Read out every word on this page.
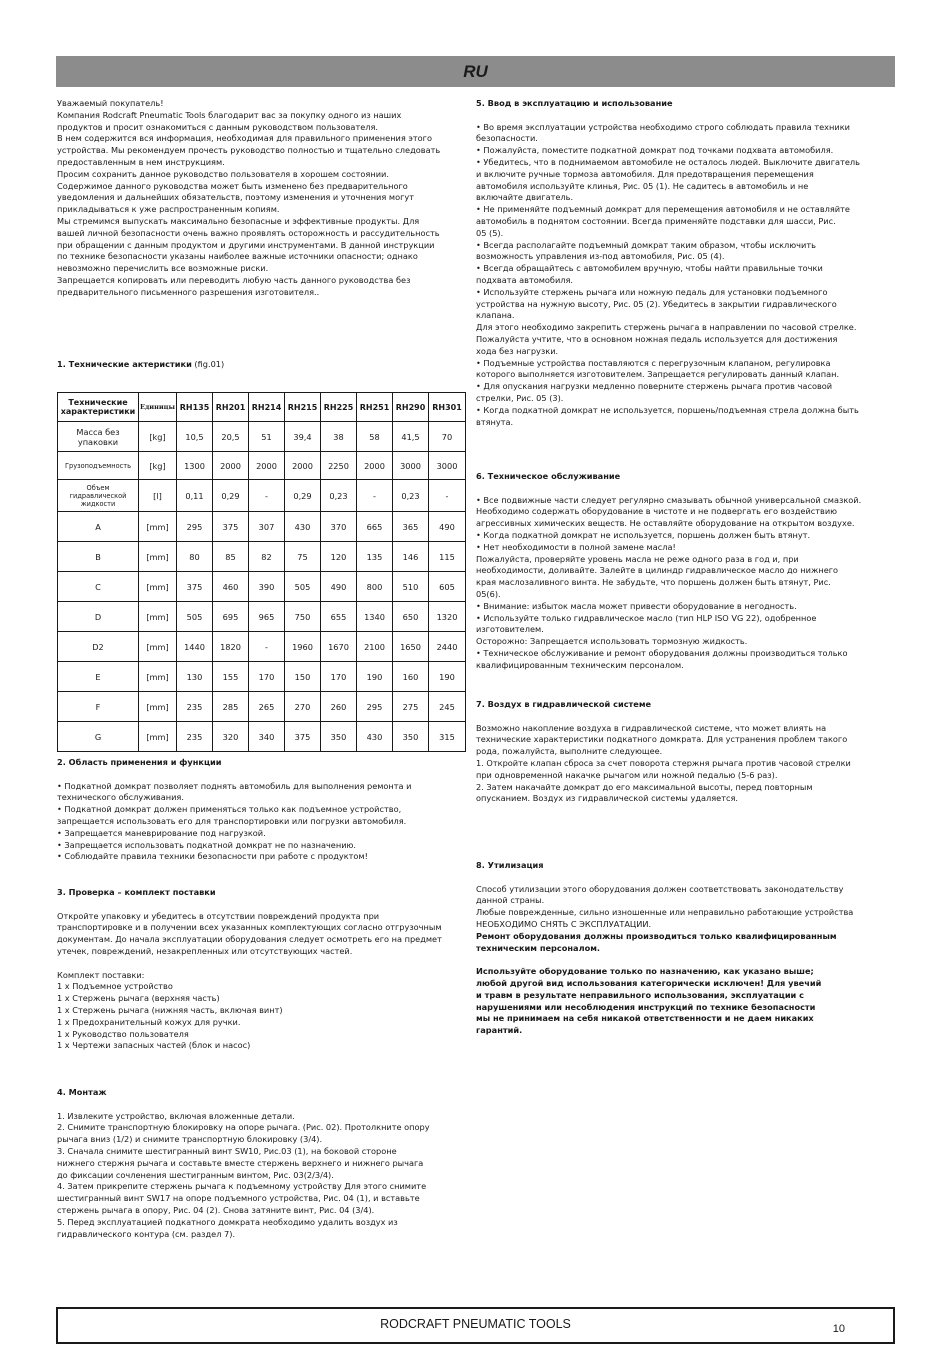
RU

Уважаемый покупатель!
Компания Rodcraft Pneumatic Tools благодарит вас за покупку одного из наших
продуктов и просит ознакомиться с данным руководством пользователя.
В нем содержится вся информация, необходимая для правильного применения этого
устройства. Мы рекомендуем прочесть руководство полностью и тщательно следовать
предоставленным в нем инструкциям.
Просим сохранить данное руководство пользователя в хорошем состоянии.
Содержимое данного руководства может быть изменено без предварительного
уведомления и дальнейших обязательств, поэтому изменения и уточнения могут
прикладываться к уже распространенным копиям.
Мы стремимся выпускать максимально безопасные и эффективные продукты. Для
вашей личной безопасности очень важно проявлять осторожность и рассудительность
при обращении с данным продуктом и другими инструментами. В данной инструкции
по технике безопасности указаны наиболее важные источники опасности; однако
невозможно перечислить все возможные риски.
Запрещается копировать или переводить любую часть данного руководства без
предварительного письменного разрешения изготовителя..

1. Технические актеристики (fig.01)

Технические характеристики	Единицы	RH135	RH201	RH214	RH215	RH225	RH251	RH290	RH301
Масса без упаковки	[kg]	10,5	20,5	51	39,4	38	58	41,5	70
Грузоподъемность	[kg]	1300	2000	2000	2000	2250	2000	3000	3000
Объем гидравлической жидкости	[l]	0,11	0,29	-	0,29	0,23	-	0,23	-
A	[mm]	295	375	307	430	370	665	365	490
B	[mm]	80	85	82	75	120	135	146	115
C	[mm]	375	460	390	505	490	800	510	605
D	[mm]	505	695	965	750	655	1340	650	1320
D2	[mm]	1440	1820	-	1960	1670	2100	1650	2440
E	[mm]	130	155	170	150	170	190	160	190
F	[mm]	235	285	265	270	260	295	275	245
G	[mm]	235	320	340	375	350	430	350	315

2. Область применения и функции

• Подкатной домкрат позволяет поднять автомобиль для выполнения ремонта и
технического обслуживания.
• Подкатной домкрат должен применяться только как подъемное устройство,
запрещается использовать его для транспортировки или погрузки автомобиля.
• Запрещается маневрирование под нагрузкой.
• Запрещается использовать подкатной домкрат не по назначению.
• Соблюдайте правила техники безопасности при работе с продуктом!

3. Проверка – комплект поставки

Откройте упаковку и убедитесь в отсутствии повреждений продукта при
транспортировке и в получении всех указанных комплектующих согласно отгрузочным
документам. До начала эксплуатации оборудования следует осмотреть его на предмет
утечек, повреждений, незакрепленных или отсутствующих частей.

Комплект поставки:
1 x Подъемное устройство
1 x Стержень рычага (верхняя часть)
1 x Стержень рычага (нижняя часть, включая винт)
1 x Предохранительный кожух для ручки.
1 x Руководство пользователя
1 x Чертежи запасных частей (блок и насос)

4. Монтаж

1. Извлеките устройство, включая вложенные детали.
2. Снимите транспортную блокировку на опоре рычага. (Рис. 02). Протолкните опору
рычага вниз (1/2) и снимите транспортную блокировку (3/4).
3. Сначала снимите шестигранный винт SW10, Рис.03 (1), на боковой стороне
нижнего стержня рычага и составьте вместе стержень верхнего и нижнего рычага
до фиксации сочленения шестигранным винтом, Рис. 03(2/3/4).
4. Затем прикрепите стержень рычага к подъемному устройству Для этого снимите
шестигранный винт SW17 на опоре подъемного устройства, Рис. 04 (1), и вставьте
стержень рычага в опору, Рис. 04 (2). Снова затяните винт, Рис. 04 (3/4).
5. Перед эксплуатацией подкатного домкрата необходимо удалить воздух из
гидравлического контура (см. раздел 7).

5. Ввод в эксплуатацию и использование

• Во время эксплуатации устройства необходимо строго соблюдать правила техники
безопасности.
• Пожалуйста, поместите подкатной домкрат под точками подхвата автомобиля.
• Убедитесь, что в поднимаемом автомобиле не осталось людей. Выключите двигатель
и включите ручные тормоза автомобиля. Для предотвращения перемещения
автомобиля используйте клинья, Рис. 05 (1). Не садитесь в автомобиль и не
включайте двигатель.
• Не применяйте подъемный домкрат для перемещения автомобиля и не оставляйте
автомобиль в поднятом состоянии. Всегда применяйте подставки для шасси, Рис.
05 (5).
• Всегда располагайте подъемный домкрат таким образом, чтобы исключить
возможность управления из-под автомобиля, Рис. 05 (4).
• Всегда обращайтесь с автомобилем вручную, чтобы найти правильные точки
подхвата автомобиля.
• Используйте стержень рычага или ножную педаль для установки подъемного
устройства на нужную высоту, Рис. 05 (2). Убедитесь в закрытии гидравлического
клапана.
Для этого необходимо закрепить стержень рычага в направлении по часовой стрелке.
Пожалуйста учтите, что в основном ножная педаль используется для достижения
хода без нагрузки.
• Подъемные устройства поставляются с перегрузочным клапаном, регулировка
которого выполняется изготовителем. Запрещается регулировать данный клапан.
• Для опускания нагрузки медленно поверните стержень рычага против часовой
стрелки, Рис. 05 (3).
• Когда подкатной домкрат не используется, поршень/подъемная стрела должна быть
втянута.

6. Техническое обслуживание

• Все подвижные части следует регулярно смазывать обычной универсальной смазкой.
Необходимо содержать оборудование в чистоте и не подвергать его воздействию
агрессивных химических веществ. Не оставляйте оборудование на открытом воздухе.
• Когда подкатной домкрат не используется, поршень должен быть втянут.
• Нет необходимости в полной замене масла!
Пожалуйста, проверяйте уровень масла не реже одного раза в год и, при
необходимости, доливайте. Залейте в цилиндр гидравлическое масло до нижнего
края маслозаливного винта. Не забудьте, что поршень должен быть втянут, Рис.
05(6).
• Внимание: избыток масла может привести оборудование в негодность.
• Используйте только гидравлическое масло (тип HLP ISO VG 22), одобренное
изготовителем.
Осторожно: Запрещается использовать тормозную жидкость.
• Техническое обслуживание и ремонт оборудования должны производиться только
квалифицированным техническим персоналом.

7. Воздух в гидравлической системе

Возможно накопление воздуха в гидравлической системе, что может влиять на
технические характеристики подкатного домкрата. Для устранения проблем такого
рода, пожалуйста, выполните следующее.
1. Откройте клапан сброса за счет поворота стержня рычага против часовой стрелки
при одновременной накачке рычагом или ножной педалью (5-6 раз).
2. Затем накачайте домкрат до его максимальной высоты, перед повторным
опусканием. Воздух из гидравлической системы удаляется.

8. Утилизация

Способ утилизации этого оборудования должен соответствовать законодательству
данной страны.
Любые поврежденные, сильно изношенные или неправильно работающие устройства
НЕОБХОДИМО СНЯТЬ С ЭКСПЛУАТАЦИИ.

Ремонт оборудования должны производиться только квалифицированным
техническим персоналом.

Используйте оборудование только по назначению, как указано выше;
любой другой вид использования категорически исключен! Для увечий
и травм в результате неправильного использования, эксплуатации с
нарушениями или несоблюдения инструкций по технике безопасности
мы не принимаем на себя никакой ответственности и не даем никаких
гарантий.

RODCRAFT PNEUMATIC TOOLS	10
